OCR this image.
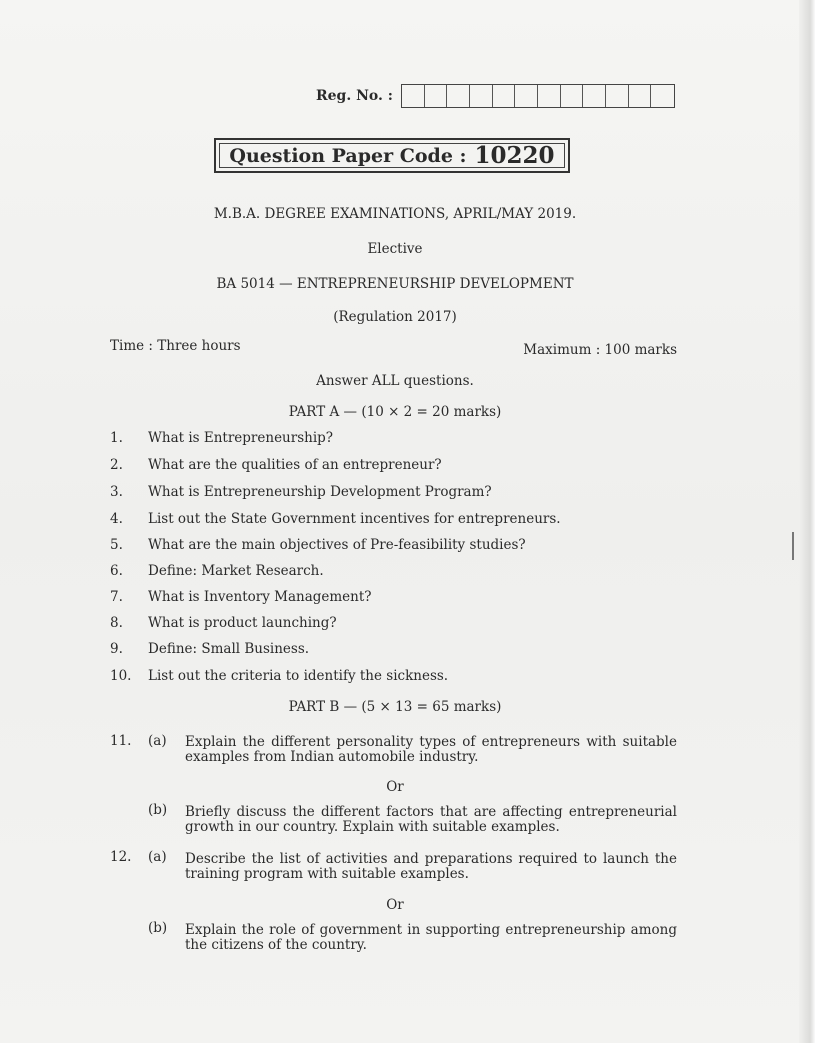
Reg. No. :
Question Paper Code : 10220
M.B.A. DEGREE EXAMINATIONS, APRIL/MAY 2019.
Elective
BA 5014 — ENTREPRENEURSHIP DEVELOPMENT
(Regulation 2017)
Time : Three hours	Maximum : 100 marks
Answer ALL questions.
PART A — (10 × 2 = 20 marks)
1. What is Entrepreneurship?
2. What are the qualities of an entrepreneur?
3. What is Entrepreneurship Development Program?
4. List out the State Government incentives for entrepreneurs.
5. What are the main objectives of Pre-feasibility studies?
6. Define: Market Research.
7. What is Inventory Management?
8. What is product launching?
9. Define: Small Business.
10. List out the criteria to identify the sickness.
PART B — (5 × 13 = 65 marks)
11. (a) Explain the different personality types of entrepreneurs with suitable examples from Indian automobile industry.
Or
(b) Briefly discuss the different factors that are affecting entrepreneurial growth in our country. Explain with suitable examples.
12. (a) Describe the list of activities and preparations required to launch the training program with suitable examples.
Or
(b) Explain the role of government in supporting entrepreneurship among the citizens of the country.
